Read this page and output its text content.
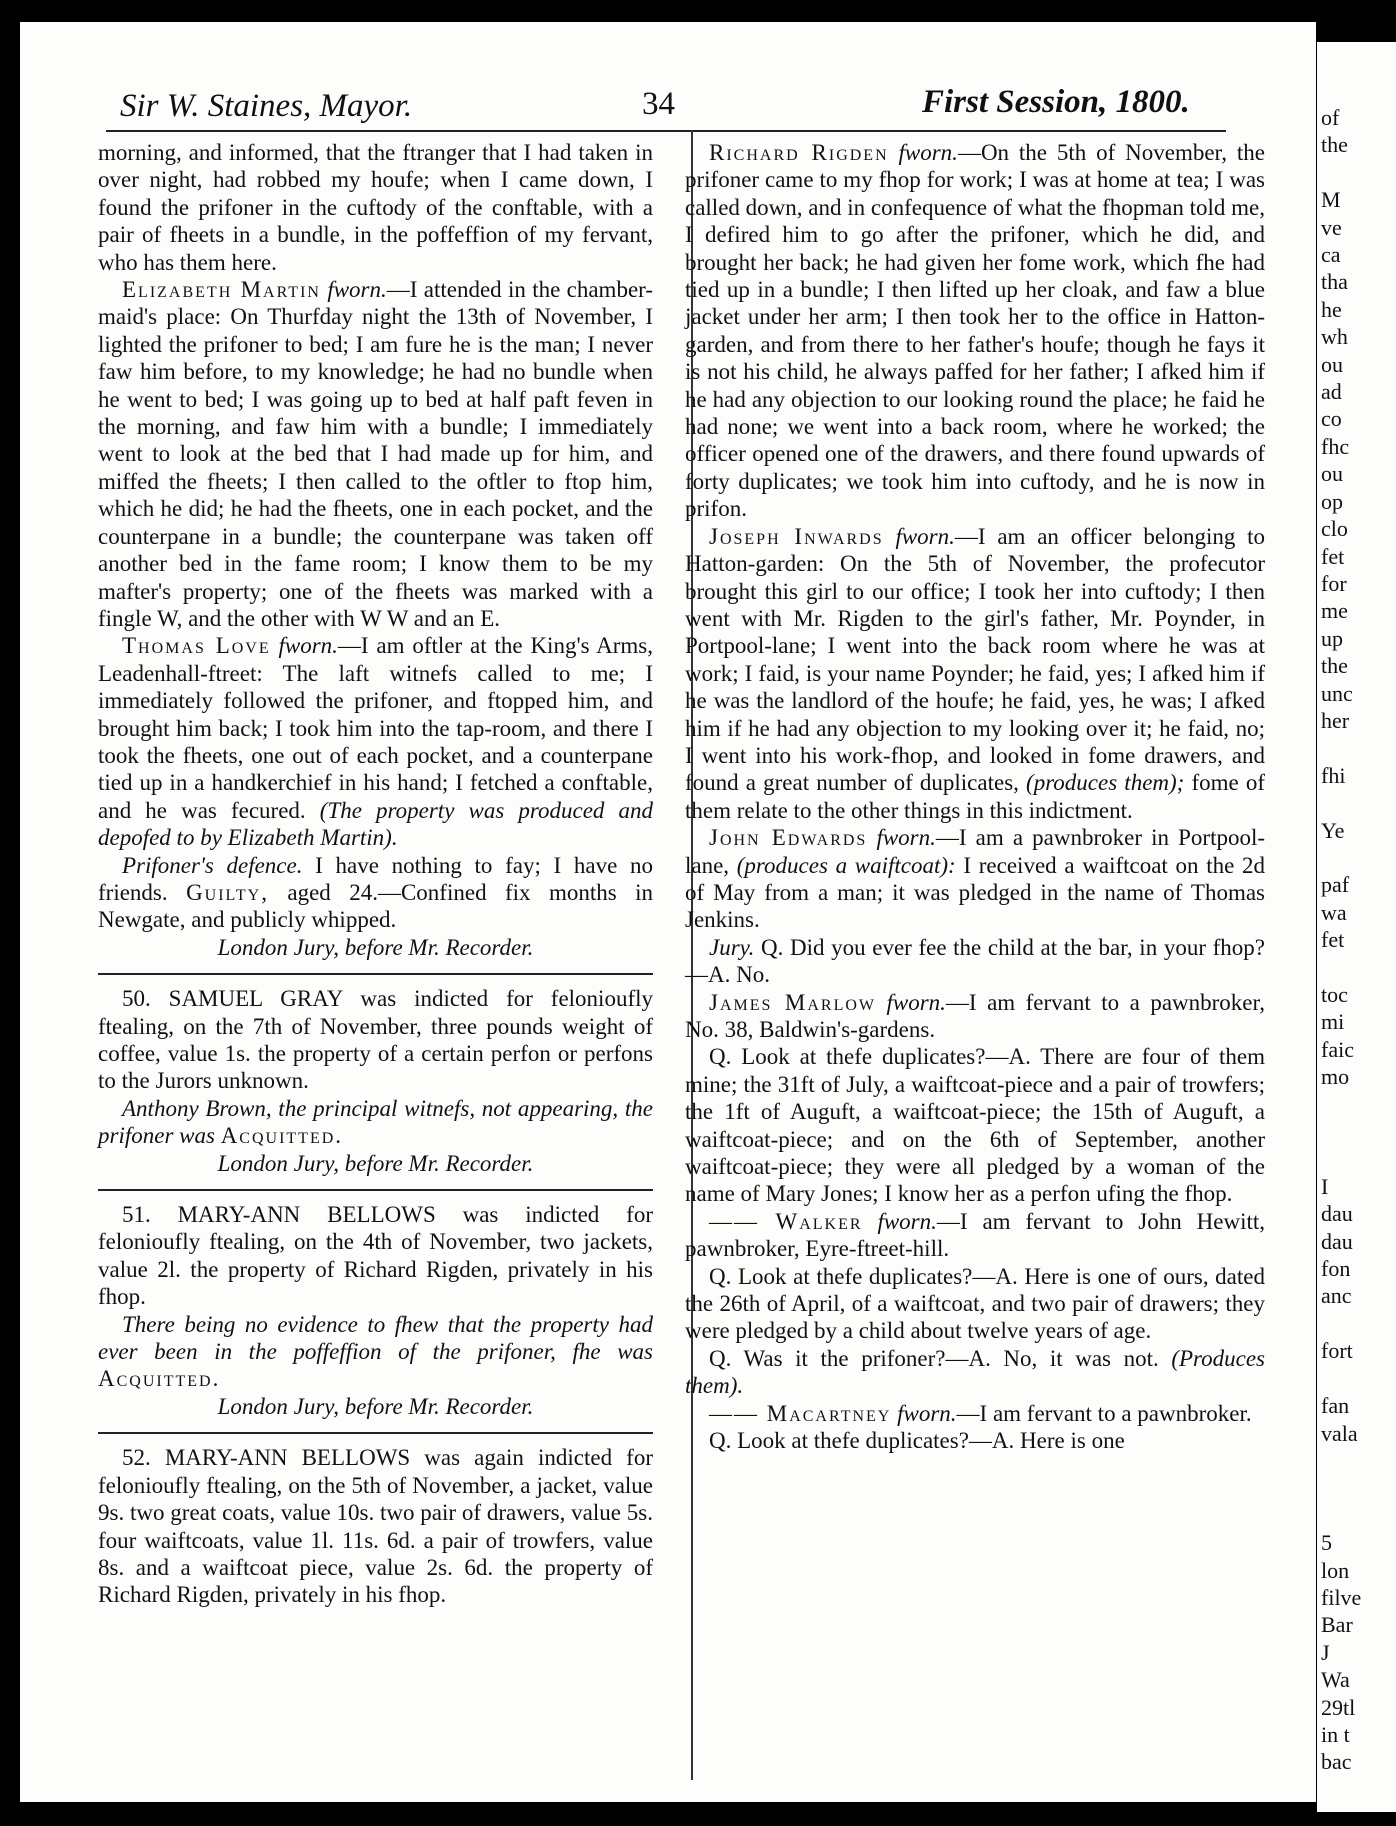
Sir W. Staines, Mayor.	34	First Session, 1800.

morning, and informed, that the ftranger that I had taken in over night, had robbed my houfe; when I came down, I found the prifoner in the cuftody of the conftable, with a pair of fheets in a bundle, in the poffeffion of my fervant, who has them here.

Elizabeth Martin fworn.—I attended in the chamber-maid's place: On Thurfday night the 13th of November, I lighted the prifoner to bed; I am fure he is the man; I never faw him before, to my knowledge; he had no bundle when he went to bed; I was going up to bed at half paft feven in the morning, and faw him with a bundle; I immediately went to look at the bed that I had made up for him, and miffed the fheets; I then called to the oftler to ftop him, which he did; he had the fheets, one in each pocket, and the counterpane in a bundle; the counterpane was taken off another bed in the fame room; I know them to be my mafter's property; one of the fheets was marked with a fingle W, and the other with W W and an E.

Thomas Love fworn.—I am oftler at the King's Arms, Leadenhall-ftreet: The laft witnefs called to me; I immediately followed the prifoner, and ftopped him, and brought him back; I took him into the tap-room, and there I took the fheets, one out of each pocket, and a counterpane tied up in a handkerchief in his hand; I fetched a conftable, and he was fecured. (The property was produced and depofed to by Elizabeth Martin).

Prifoner's defence. I have nothing to fay; I have no friends. Guilty, aged 24.—Confined fix months in Newgate, and publicly whipped.

London Jury, before Mr. Recorder.

50. SAMUEL GRAY was indicted for felonioufly ftealing, on the 7th of November, three pounds weight of coffee, value 1s. the property of a certain perfon or perfons to the Jurors unknown.

Anthony Brown, the principal witnefs, not appearing, the prifoner was Acquitted.

London Jury, before Mr. Recorder.

51. MARY-ANN BELLOWS was indicted for felonioufly ftealing, on the 4th of November, two jackets, value 2l. the property of Richard Rigden, privately in his fhop.

There being no evidence to fhew that the property had ever been in the poffeffion of the prifoner, fhe was Acquitted.

London Jury, before Mr. Recorder.

52. MARY-ANN BELLOWS was again indicted for felonioufly ftealing, on the 5th of November, a jacket, value 9s. two great coats, value 10s. two pair of drawers, value 5s. four waiftcoats, value 1l. 11s. 6d. a pair of trowfers, value 8s. and a waiftcoat piece, value 2s. 6d. the property of Richard Rigden, privately in his fhop.

Richard Rigden fworn.—On the 5th of November, the prifoner came to my fhop for work; I was at home at tea; I was called down, and in confequence of what the fhopman told me, I defired him to go after the prifoner, which he did, and brought her back; he had given her fome work, which fhe had tied up in a bundle; I then lifted up her cloak, and faw a blue jacket under her arm; I then took her to the office in Hatton-garden, and from there to her father's houfe; though he fays it is not his child, he always paffed for her father; I afked him if he had any objection to our looking round the place; he faid he had none; we went into a back room, where he worked; the officer opened one of the drawers, and there found upwards of forty duplicates; we took him into cuftody, and he is now in prifon.

Joseph Inwards fworn.—I am an officer belonging to Hatton-garden: On the 5th of November, the profecutor brought this girl to our office; I took her into cuftody; I then went with Mr. Rigden to the girl's father, Mr. Poynder, in Portpool-lane; I went into the back room where he was at work; I faid, is your name Poynder; he faid, yes; I afked him if he was the landlord of the houfe; he faid, yes, he was; I afked him if he had any objection to my looking over it; he faid, no; I went into his work-fhop, and looked in fome drawers, and found a great number of duplicates, (produces them); fome of them relate to the other things in this indictment.

John Edwards fworn.—I am a pawnbroker in Portpool-lane, (produces a waiftcoat): I received a waiftcoat on the 2d of May from a man; it was pledged in the name of Thomas Jenkins.

Jury. Q. Did you ever fee the child at the bar, in your fhop?—A. No.

James Marlow fworn.—I am fervant to a pawnbroker, No. 38, Baldwin's-gardens.

Q. Look at thefe duplicates?—A. There are four of them mine; the 31ft of July, a waiftcoat-piece and a pair of trowfers; the 1ft of Auguft, a waiftcoat-piece; the 15th of Auguft, a waiftcoat-piece; and on the 6th of September, another waiftcoat-piece; they were all pledged by a woman of the name of Mary Jones; I know her as a perfon ufing the fhop.

—— Walker fworn.—I am fervant to John Hewitt, pawnbroker, Eyre-ftreet-hill.

Q. Look at thefe duplicates?—A. Here is one of ours, dated the 26th of April, of a waiftcoat, and two pair of drawers; they were pledged by a child about twelve years of age.

Q. Was it the prifoner?—A. No, it was not. (Produces them).

—— Macartney fworn.—I am fervant to a pawnbroker.

Q. Look at thefe duplicates?—A. Here is one

of
the

M
ve
ca
tha
he
wh
ou
ad
co
fhc
ou
op
clo
fet
for
me
up
the
unc
her

fhi

Ye

paf
wa
fet

toc
mi
faic
mo

I
dau
dau
fon
anc

fort

fan
vala

5
lon
filve
Bar
J
Wa
29tl
in t
bac
